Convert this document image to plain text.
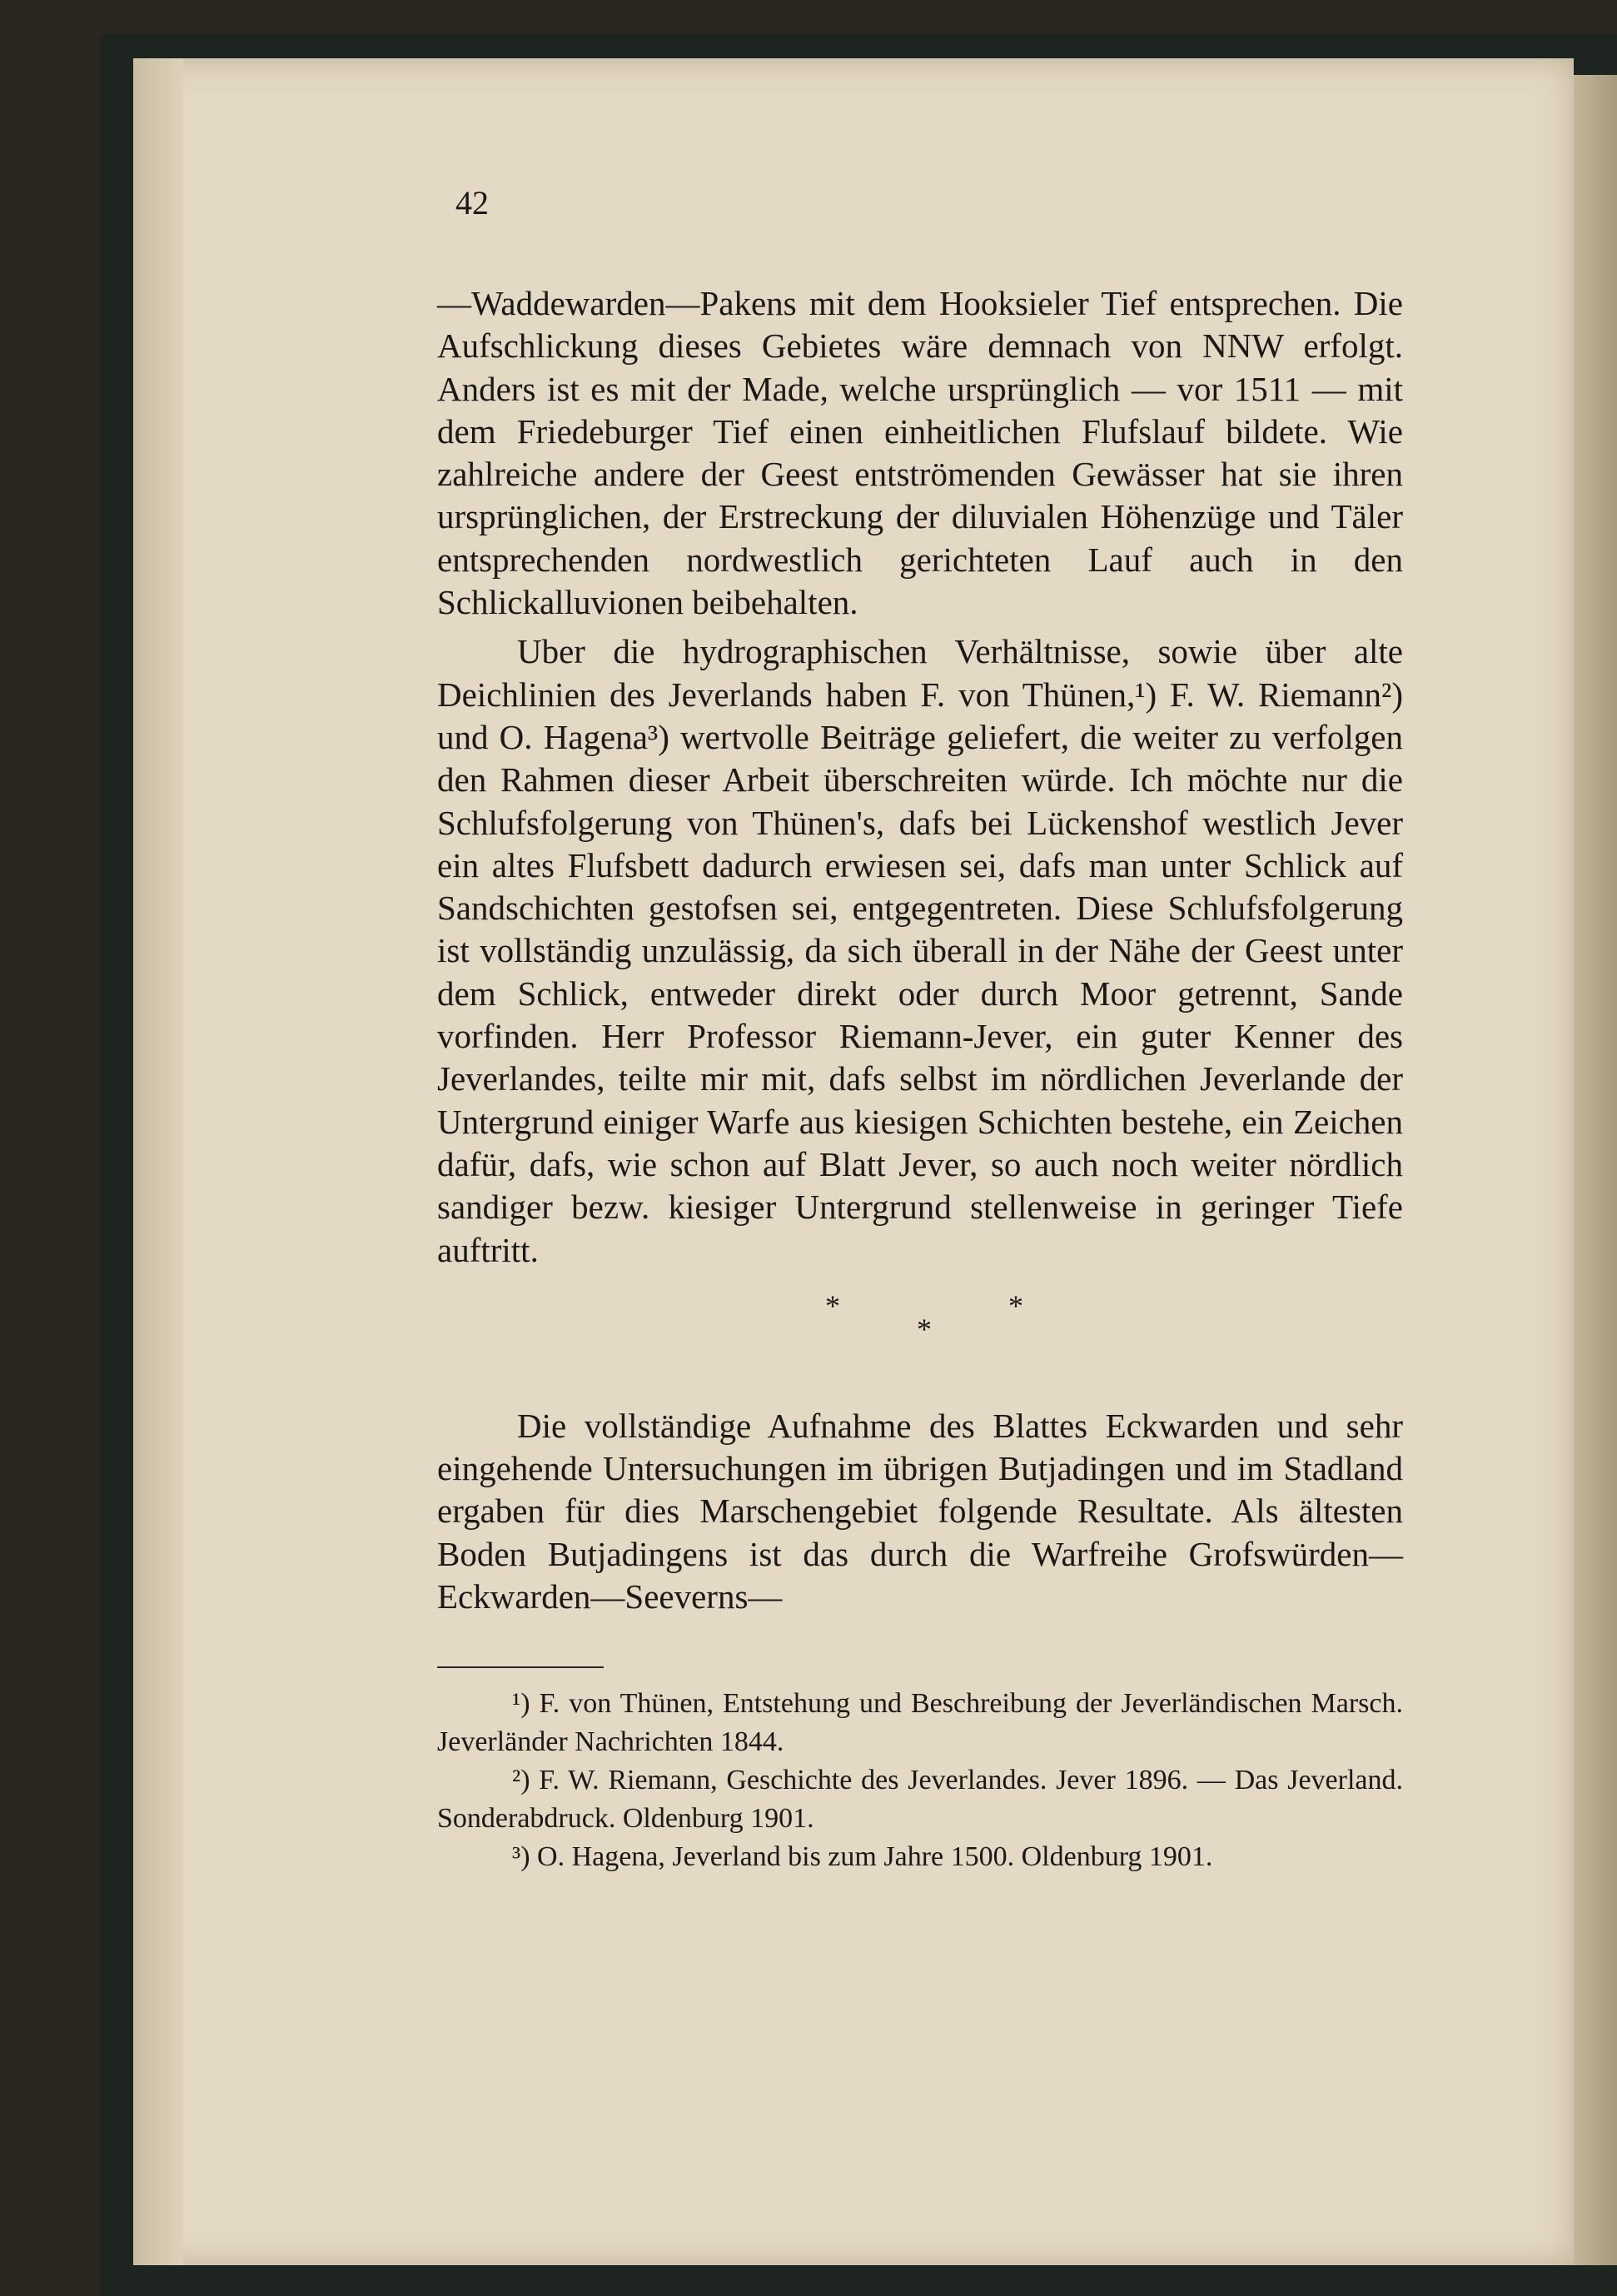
42

—Waddewarden—Pakens mit dem Hooksieler Tief entsprechen. Die Aufschlickung dieses Gebietes wäre demnach von NNW erfolgt. Anders ist es mit der Made, welche ursprünglich — vor 1511 — mit dem Friedeburger Tief einen einheitlichen Flufslauf bildete. Wie zahlreiche andere der Geest entströmenden Gewässer hat sie ihren ursprünglichen, der Erstreckung der diluvialen Höhenzüge und Täler entsprechenden nordwestlich gerichteten Lauf auch in den Schlickalluvionen beibehalten.

Uber die hydrographischen Verhältnisse, sowie über alte Deichlinien des Jeverlands haben F. von Thünen,¹) F. W. Riemann²) und O. Hagena³) wertvolle Beiträge geliefert, die weiter zu verfolgen den Rahmen dieser Arbeit überschreiten würde. Ich möchte nur die Schlufsfolgerung von Thünen's, dafs bei Lückenshof westlich Jever ein altes Flufsbett dadurch erwiesen sei, dafs man unter Schlick auf Sandschichten gestofsen sei, entgegentreten. Diese Schlufsfolgerung ist vollständig unzulässig, da sich überall in der Nähe der Geest unter dem Schlick, entweder direkt oder durch Moor getrennt, Sande vorfinden. Herr Professor Riemann-Jever, ein guter Kenner des Jeverlandes, teilte mir mit, dafs selbst im nördlichen Jeverlande der Untergrund einiger Warfe aus kiesigen Schichten bestehe, ein Zeichen dafür, dafs, wie schon auf Blatt Jever, so auch noch weiter nördlich sandiger bezw. kiesiger Untergrund stellenweise in geringer Tiefe auftritt.

*
*
*

Die vollständige Aufnahme des Blattes Eckwarden und sehr eingehende Untersuchungen im übrigen Butjadingen und im Stadland ergaben für dies Marschengebiet folgende Resultate. Als ältesten Boden Butjadingens ist das durch die Warfreihe Grofswürden—Eckwarden—Seeverns—

¹) F. von Thünen, Entstehung und Beschreibung der Jeverländischen Marsch. Jeverländer Nachrichten 1844.

²) F. W. Riemann, Geschichte des Jeverlandes. Jever 1896. — Das Jeverland. Sonderabdruck. Oldenburg 1901.

³) O. Hagena, Jeverland bis zum Jahre 1500. Oldenburg 1901.
